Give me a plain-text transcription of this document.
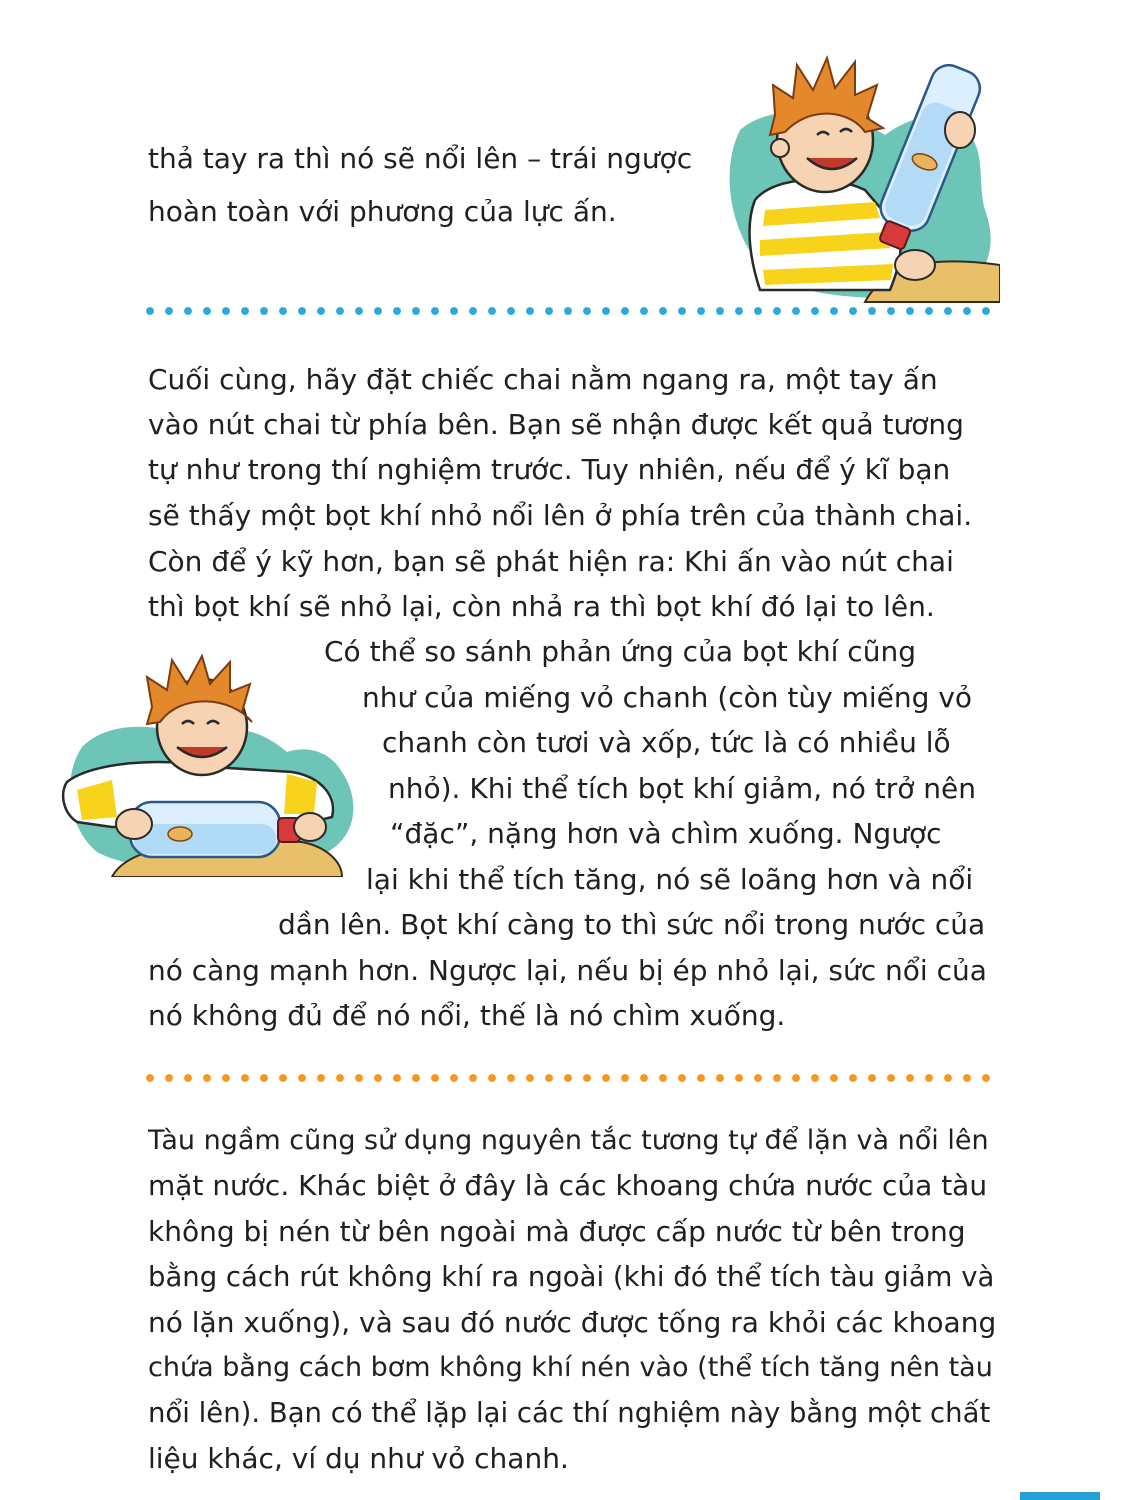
thả tay ra thì nó sẽ nổi lên – trái ngược
hoàn toàn với phương của lực ấn.
Cuối cùng, hãy đặt chiếc chai nằm ngang ra, một tay ấn
vào nút chai từ phía bên. Bạn sẽ nhận được kết quả tương
tự như trong thí nghiệm trước. Tuy nhiên, nếu để ý kĩ bạn
sẽ thấy một bọt khí nhỏ nổi lên ở phía trên của thành chai.
Còn để ý kỹ hơn, bạn sẽ phát hiện ra: Khi ấn vào nút chai
thì bọt khí sẽ nhỏ lại, còn nhả ra thì bọt khí đó lại to lên.
Có thể so sánh phản ứng của bọt khí cũng
như của miếng vỏ chanh (còn tùy miếng vỏ
chanh còn tươi và xốp, tức là có nhiều lỗ
nhỏ). Khi thể tích bọt khí giảm, nó trở nên
“đặc”, nặng hơn và chìm xuống. Ngược
lại khi thể tích tăng, nó sẽ loãng hơn và nổi
dần lên. Bọt khí càng to thì sức nổi trong nước của
nó càng mạnh hơn. Ngược lại, nếu bị ép nhỏ lại, sức nổi của
nó không đủ để nó nổi, thế là nó chìm xuống.
Tàu ngầm cũng sử dụng nguyên tắc tương tự để lặn và nổi lên
mặt nước. Khác biệt ở đây là các khoang chứa nước của tàu
không bị nén từ bên ngoài mà được cấp nước từ bên trong
bằng cách rút không khí ra ngoài (khi đó thể tích tàu giảm và
nó lặn xuống), và sau đó nước được tống ra khỏi các khoang
chứa bằng cách bơm không khí nén vào (thể tích tăng nên tàu
nổi lên). Bạn có thể lặp lại các thí nghiệm này bằng một chất
liệu khác, ví dụ như vỏ chanh.
